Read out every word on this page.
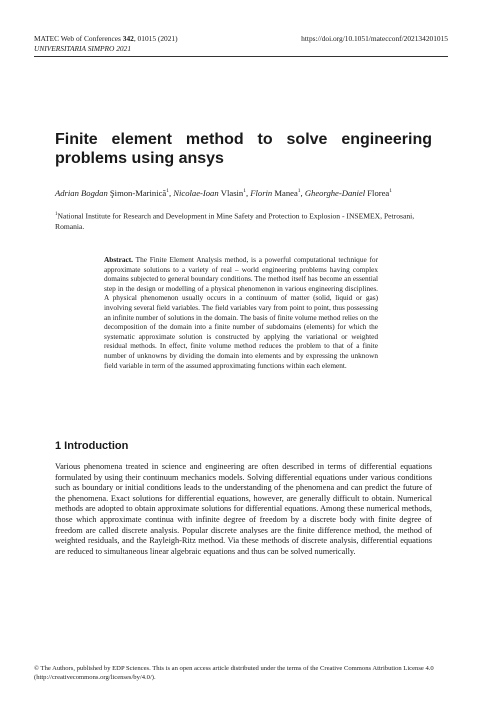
MATEC Web of Conferences 342, 01015 (2021)
UNIVERSITARIA SIMPRO 2021
https://doi.org/10.1051/matecconf/202134201015
Finite element method to solve engineering problems using ansys
Adrian Bogdan Şimon-Marinică$^1$, Nicolae-Ioan Vlasin$^1$, Florin Manea$^1$, Gheorghe-Daniel Florea$^1$
$^1$National Institute for Research and Development in Mine Safety and Protection to Explosion - INSEMEX, Petrosani, Romania.
Abstract. The Finite Element Analysis method, is a powerful computational technique for approximate solutions to a variety of real – world engineering problems having complex domains subjected to general boundary conditions. The method itself has become an essential step in the design or modelling of a physical phenomenon in various engineering disciplines. A physical phenomenon usually occurs in a continuum of matter (solid, liquid or gas) involving several field variables. The field variables vary from point to point, thus possessing an infinite number of solutions in the domain. The basis of finite volume method relies on the decomposition of the domain into a finite number of subdomains (elements) for which the systematic approximate solution is constructed by applying the variational or weighted residual methods. In effect, finite volume method reduces the problem to that of a finite number of unknowns by dividing the domain into elements and by expressing the unknown field variable in term of the assumed approximating functions within each element.
1 Introduction
Various phenomena treated in science and engineering are often described in terms of differential equations formulated by using their continuum mechanics models. Solving differential equations under various conditions such as boundary or initial conditions leads to the understanding of the phenomena and can predict the future of the phenomena. Exact solutions for differential equations, however, are generally difficult to obtain. Numerical methods are adopted to obtain approximate solutions for differential equations. Among these numerical methods, those which approximate continua with infinite degree of freedom by a discrete body with finite degree of freedom are called discrete analysis. Popular discrete analyses are the finite difference method, the method of weighted residuals, and the Rayleigh-Ritz method. Via these methods of discrete analysis, differential equations are reduced to simultaneous linear algebraic equations and thus can be solved numerically.
© The Authors, published by EDP Sciences. This is an open access article distributed under the terms of the Creative Commons Attribution License 4.0 (http://creativecommons.org/licenses/by/4.0/).
